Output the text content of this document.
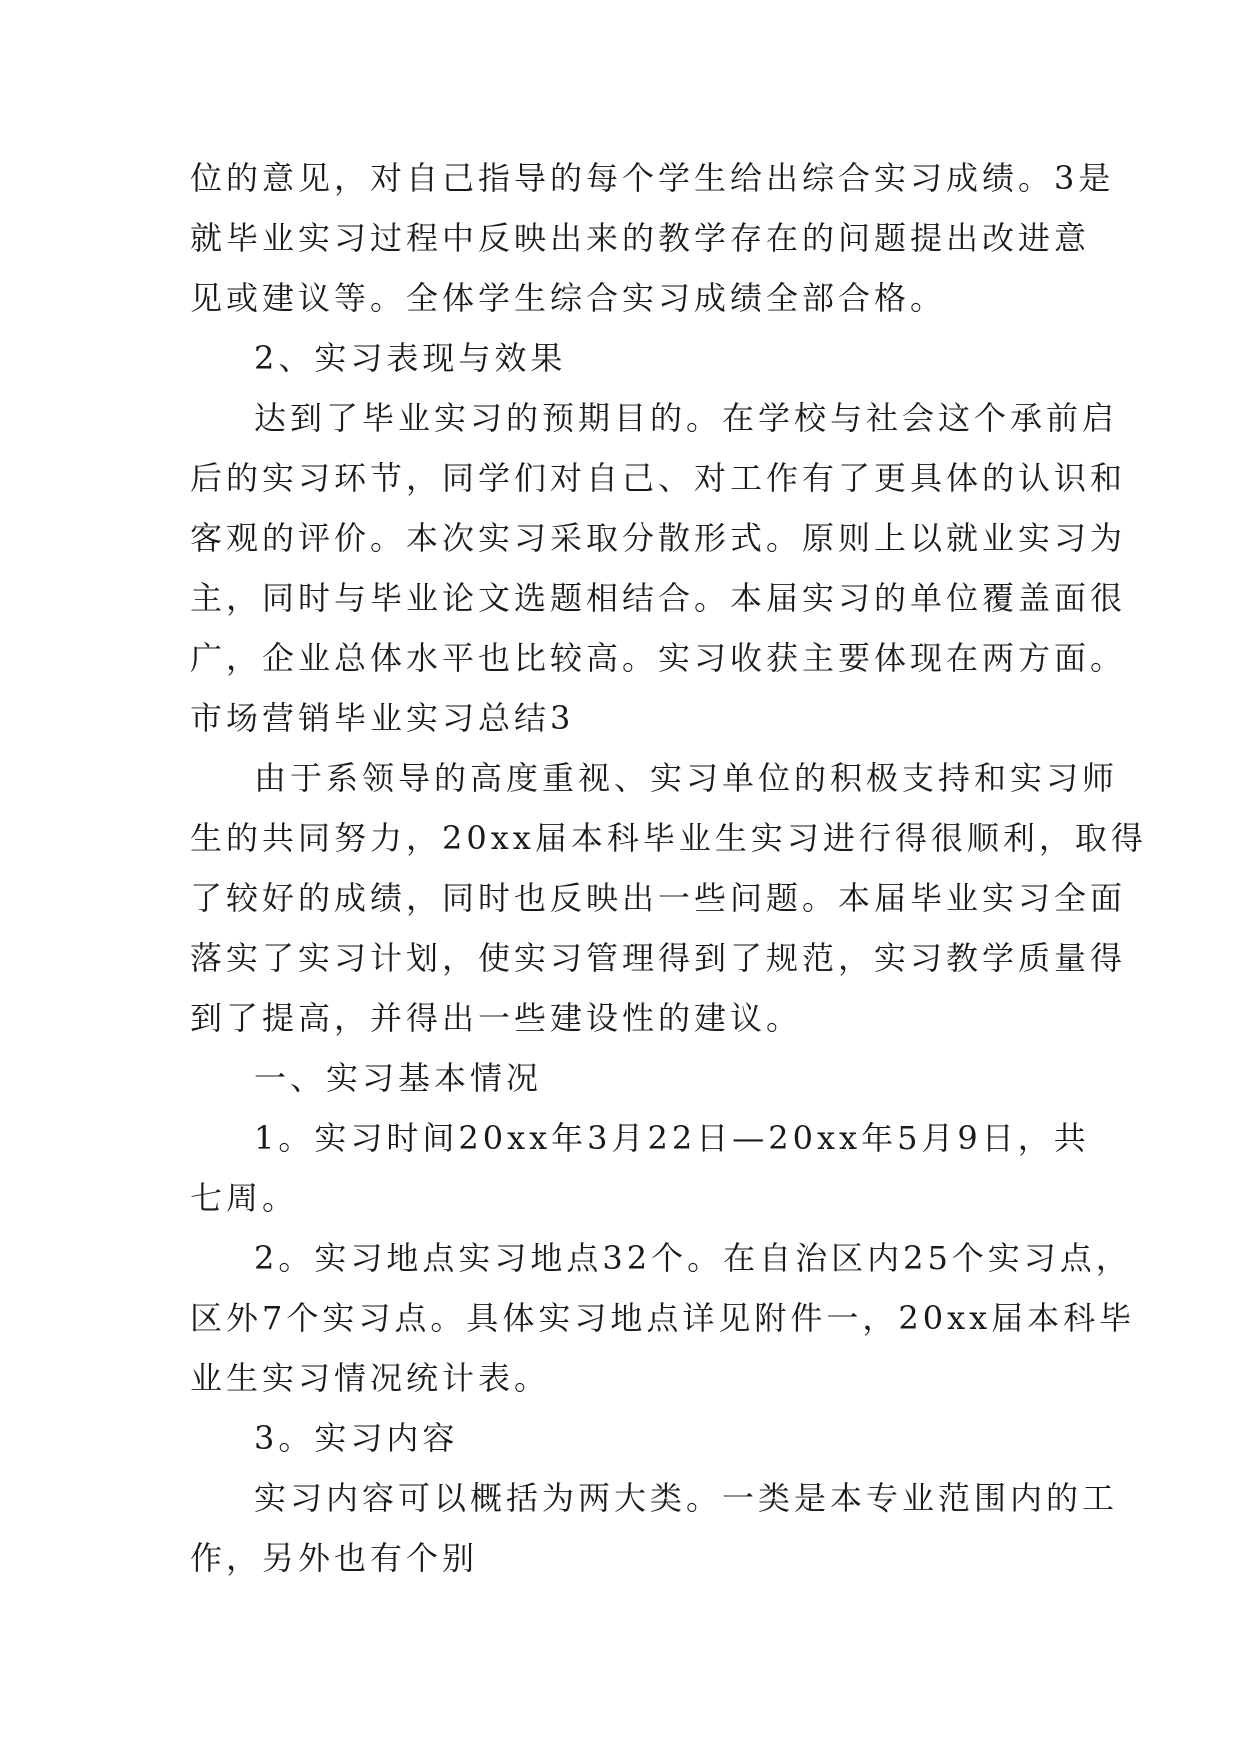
位的意见，对自己指导的每个学生给出综合实习成绩。3是
就毕业实习过程中反映出来的教学存在的问题提出改进意
见或建议等。全体学生综合实习成绩全部合格。
2、实习表现与效果
达到了毕业实习的预期目的。在学校与社会这个承前启
后的实习环节，同学们对自己、对工作有了更具体的认识和
客观的评价。本次实习采取分散形式。原则上以就业实习为
主，同时与毕业论文选题相结合。本届实习的单位覆盖面很
广，企业总体水平也比较高。实习收获主要体现在两方面。
市场营销毕业实习总结3
由于系领导的高度重视、实习单位的积极支持和实习师
生的共同努力，20xx届本科毕业生实习进行得很顺利，取得
了较好的成绩，同时也反映出一些问题。本届毕业实习全面
落实了实习计划，使实习管理得到了规范，实习教学质量得
到了提高，并得出一些建设性的建议。
一、实习基本情况
1。实习时间20xx年3月22日—20xx年5月9日，共
七周。
2。实习地点实习地点32个。在自治区内25个实习点，
区外7个实习点。具体实习地点详见附件一，20xx届本科毕
业生实习情况统计表。
3。实习内容
实习内容可以概括为两大类。一类是本专业范围内的工
作，另外也有个别
